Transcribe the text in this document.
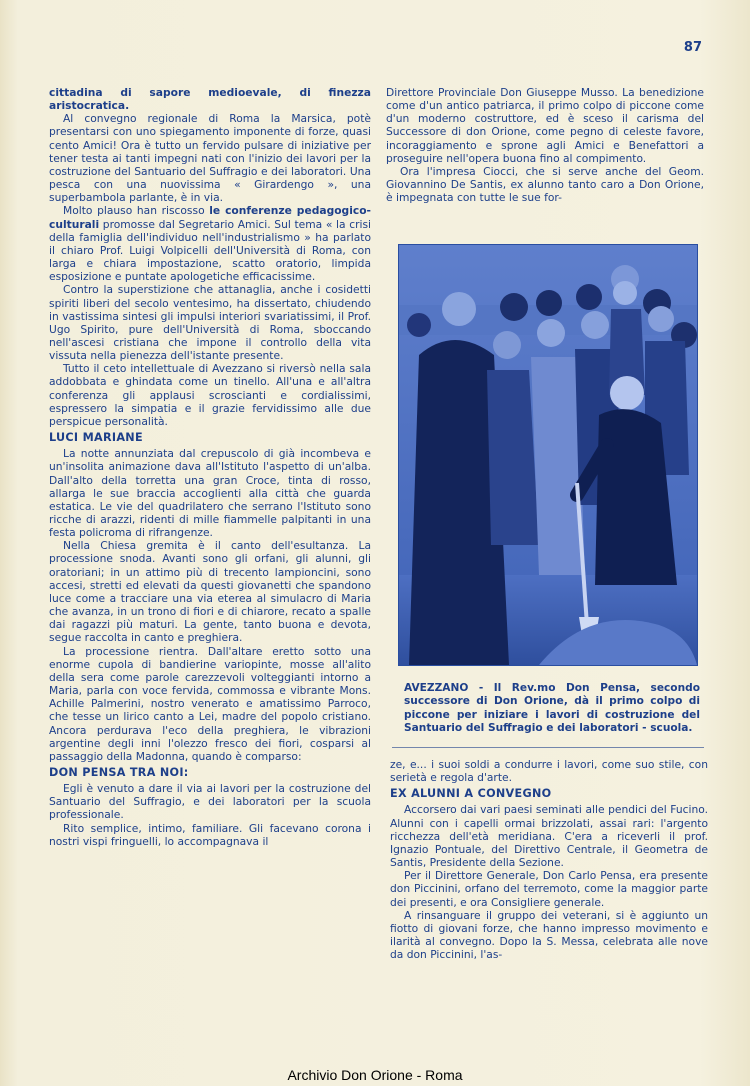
87

cittadina di sapore medioevale, di finezza aristocratica.

Al convegno regionale di Roma la Marsica, potè presentarsi con uno spiegamento imponente di forze, quasi cento Amici! Ora è tutto un fervido pulsare di iniziative per tener testa ai tanti impegni nati con l'inizio dei lavori per la costruzione del Santuario del Suffragio e dei laboratori. Una pesca con una nuovissima « Girardengo », una superbambola parlante, è in via.

Molto plauso han riscosso le conferenze pedagogico-culturali promosse dal Segretario Amici. Sul tema « la crisi della famiglia dell'individuo nell'industrialismo » ha parlato il chiaro Prof. Luigi Volpicelli dell'Università di Roma, con larga e chiara impostazione, scatto oratorio, limpida esposizione e puntate apologetiche efficacissime.

Contro la superstizione che attanaglia, anche i cosidetti spiriti liberi del secolo ventesimo, ha dissertato, chiudendo in vastissima sintesi gli impulsi interiori svariatissimi, il Prof. Ugo Spirito, pure dell'Università di Roma, sboccando nell'ascesi cristiana che impone il controllo della vita vissuta nella pienezza dell'istante presente.

Tutto il ceto intellettuale di Avezzano si riversò nella sala addobbata e ghindata come un tinello. All'una e all'altra conferenza gli applausi scroscianti e cordialissimi, espressero la simpatia e il grazie fervidissimo alle due perspicue personalità.

LUCI MARIANE

La notte annunziata dal crepuscolo di già incombeva e un'insolita animazione dava all'Istituto l'aspetto di un'alba. Dall'alto della torretta una gran Croce, tinta di rosso, allarga le sue braccia accoglienti alla città che guarda estatica. Le vie del quadrilatero che serrano l'Istituto sono ricche di arazzi, ridenti di mille fiammelle palpitanti in una festa policroma di rifrangenze.

Nella Chiesa gremita è il canto dell'esultanza. La processione snoda. Avanti sono gli orfani, gli alunni, gli oratoriani; in un attimo più di trecento lampioncini, sono accesi, stretti ed elevati da questi giovanetti che spandono luce come a tracciare una via eterea al simulacro di Maria che avanza, in un trono di fiori e di chiarore, recato a spalle dai ragazzi più maturi. La gente, tanto buona e devota, segue raccolta in canto e preghiera.

La processione rientra. Dall'altare eretto sotto una enorme cupola di bandierine variopinte, mosse all'alito della sera come parole carezzevoli volteggianti intorno a Maria, parla con voce fervida, commossa e vibrante Mons. Achille Palmerini, nostro venerato e amatissimo Parroco, che tesse un lirico canto a Lei, madre del popolo cristiano. Ancora perdurava l'eco della preghiera, le vibrazioni argentine degli inni l'olezzo fresco dei fiori, cosparsi al passaggio della Madonna, quando è comparso:

DON PENSA TRA NOI:

Egli è venuto a dare il via ai lavori per la costruzione del Santuario del Suffragio, e dei laboratori per la scuola professionale.

Rito semplice, intimo, familiare. Gli facevano corona i nostri vispi fringuelli, lo accompagnava il

Direttore Provinciale Don Giuseppe Musso. La benedizione come d'un antico patriarca, il primo colpo di piccone come d'un moderno costruttore, ed è sceso il carisma del Successore di don Orione, come pegno di celeste favore, incoraggiamento e sprone agli Amici e Benefattori a proseguire nell'opera buona fino al compimento.

Ora l'impresa Ciocci, che si serve anche del Geom. Giovannino De Santis, ex alunno tanto caro a Don Orione, è impegnata con tutte le sue for-

AVEZZANO - Il Rev.mo Don Pensa, secondo successore di Don Orione, dà il primo colpo di piccone per iniziare i lavori di costruzione del Santuario del Suffragio e dei laboratori - scuola.

ze, e... i suoi soldi a condurre i lavori, come suo stile, con serietà e regola d'arte.

EX ALUNNI A CONVEGNO

Accorsero dai vari paesi seminati alle pendici del Fucino. Alunni con i capelli ormai brizzolati, assai rari: l'argento ricchezza dell'età meridiana. C'era a riceverli il prof. Ignazio Pontuale, del Direttivo Centrale, il Geometra de Santis, Presidente della Sezione.

Per il Direttore Generale, Don Carlo Pensa, era presente don Piccinini, orfano del terremoto, come la maggior parte dei presenti, e ora Consigliere generale.

A rinsanguare il gruppo dei veterani, si è aggiunto un fiotto di giovani forze, che hanno impresso movimento e ilarità al convegno. Dopo la S. Messa, celebrata alle nove da don Piccinini, l'as-

Archivio Don Orione - Roma
